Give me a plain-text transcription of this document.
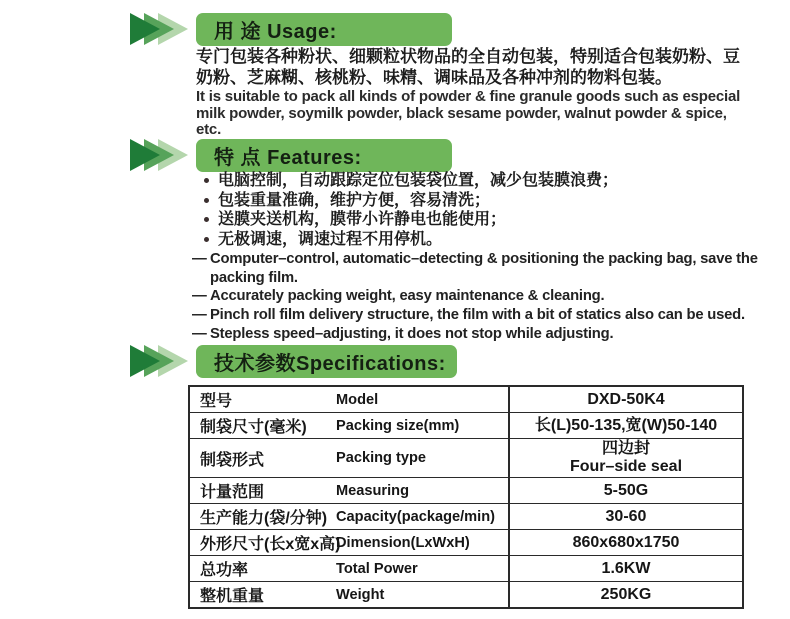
用 途 Usage:

专门包装各种粉状、细颗粒状物品的全自动包装，特别适合包装奶粉、豆奶粉、芝麻糊、核桃粉、味精、调味品及各种冲剂的物料包装。

It is suitable to pack all kinds of powder & fine granule goods such as especial milk powder, soymilk powder, black sesame powder, walnut powder & spice, etc.

特 点 Features:
电脑控制，自动跟踪定位包装袋位置，减少包装膜浪费；
包装重量准确，维护方便，容易清洗；
送膜夹送机构，膜带小许静电也能使用；
无极调速，调速过程不用停机。
— Computer–control, automatic–detecting & positioning the packing bag, save the packing film.
— Accurately packing weight, easy maintenance & cleaning.
— Pinch roll film delivery structure, the film with a bit of statics also can be used.
— Stepless speed–adjusting, it does not stop while adjusting.
技术参数Specifications:
型号	Model	DXD-50K4

制袋尺寸(毫米)	Packing size(mm)	长(L)50-135,宽(W)50-140

制袋形式	Packing type	四边封
Four–side seal

计量范围	Measuring	5-50G

生产能力(袋/分钟)	Capacity(package/min)	30-60

外形尺寸(长x宽x高)	Dimension(LxWxH)	860x680x1750

总功率	Total Power	1.6KW

整机重量	Weight	250KG
